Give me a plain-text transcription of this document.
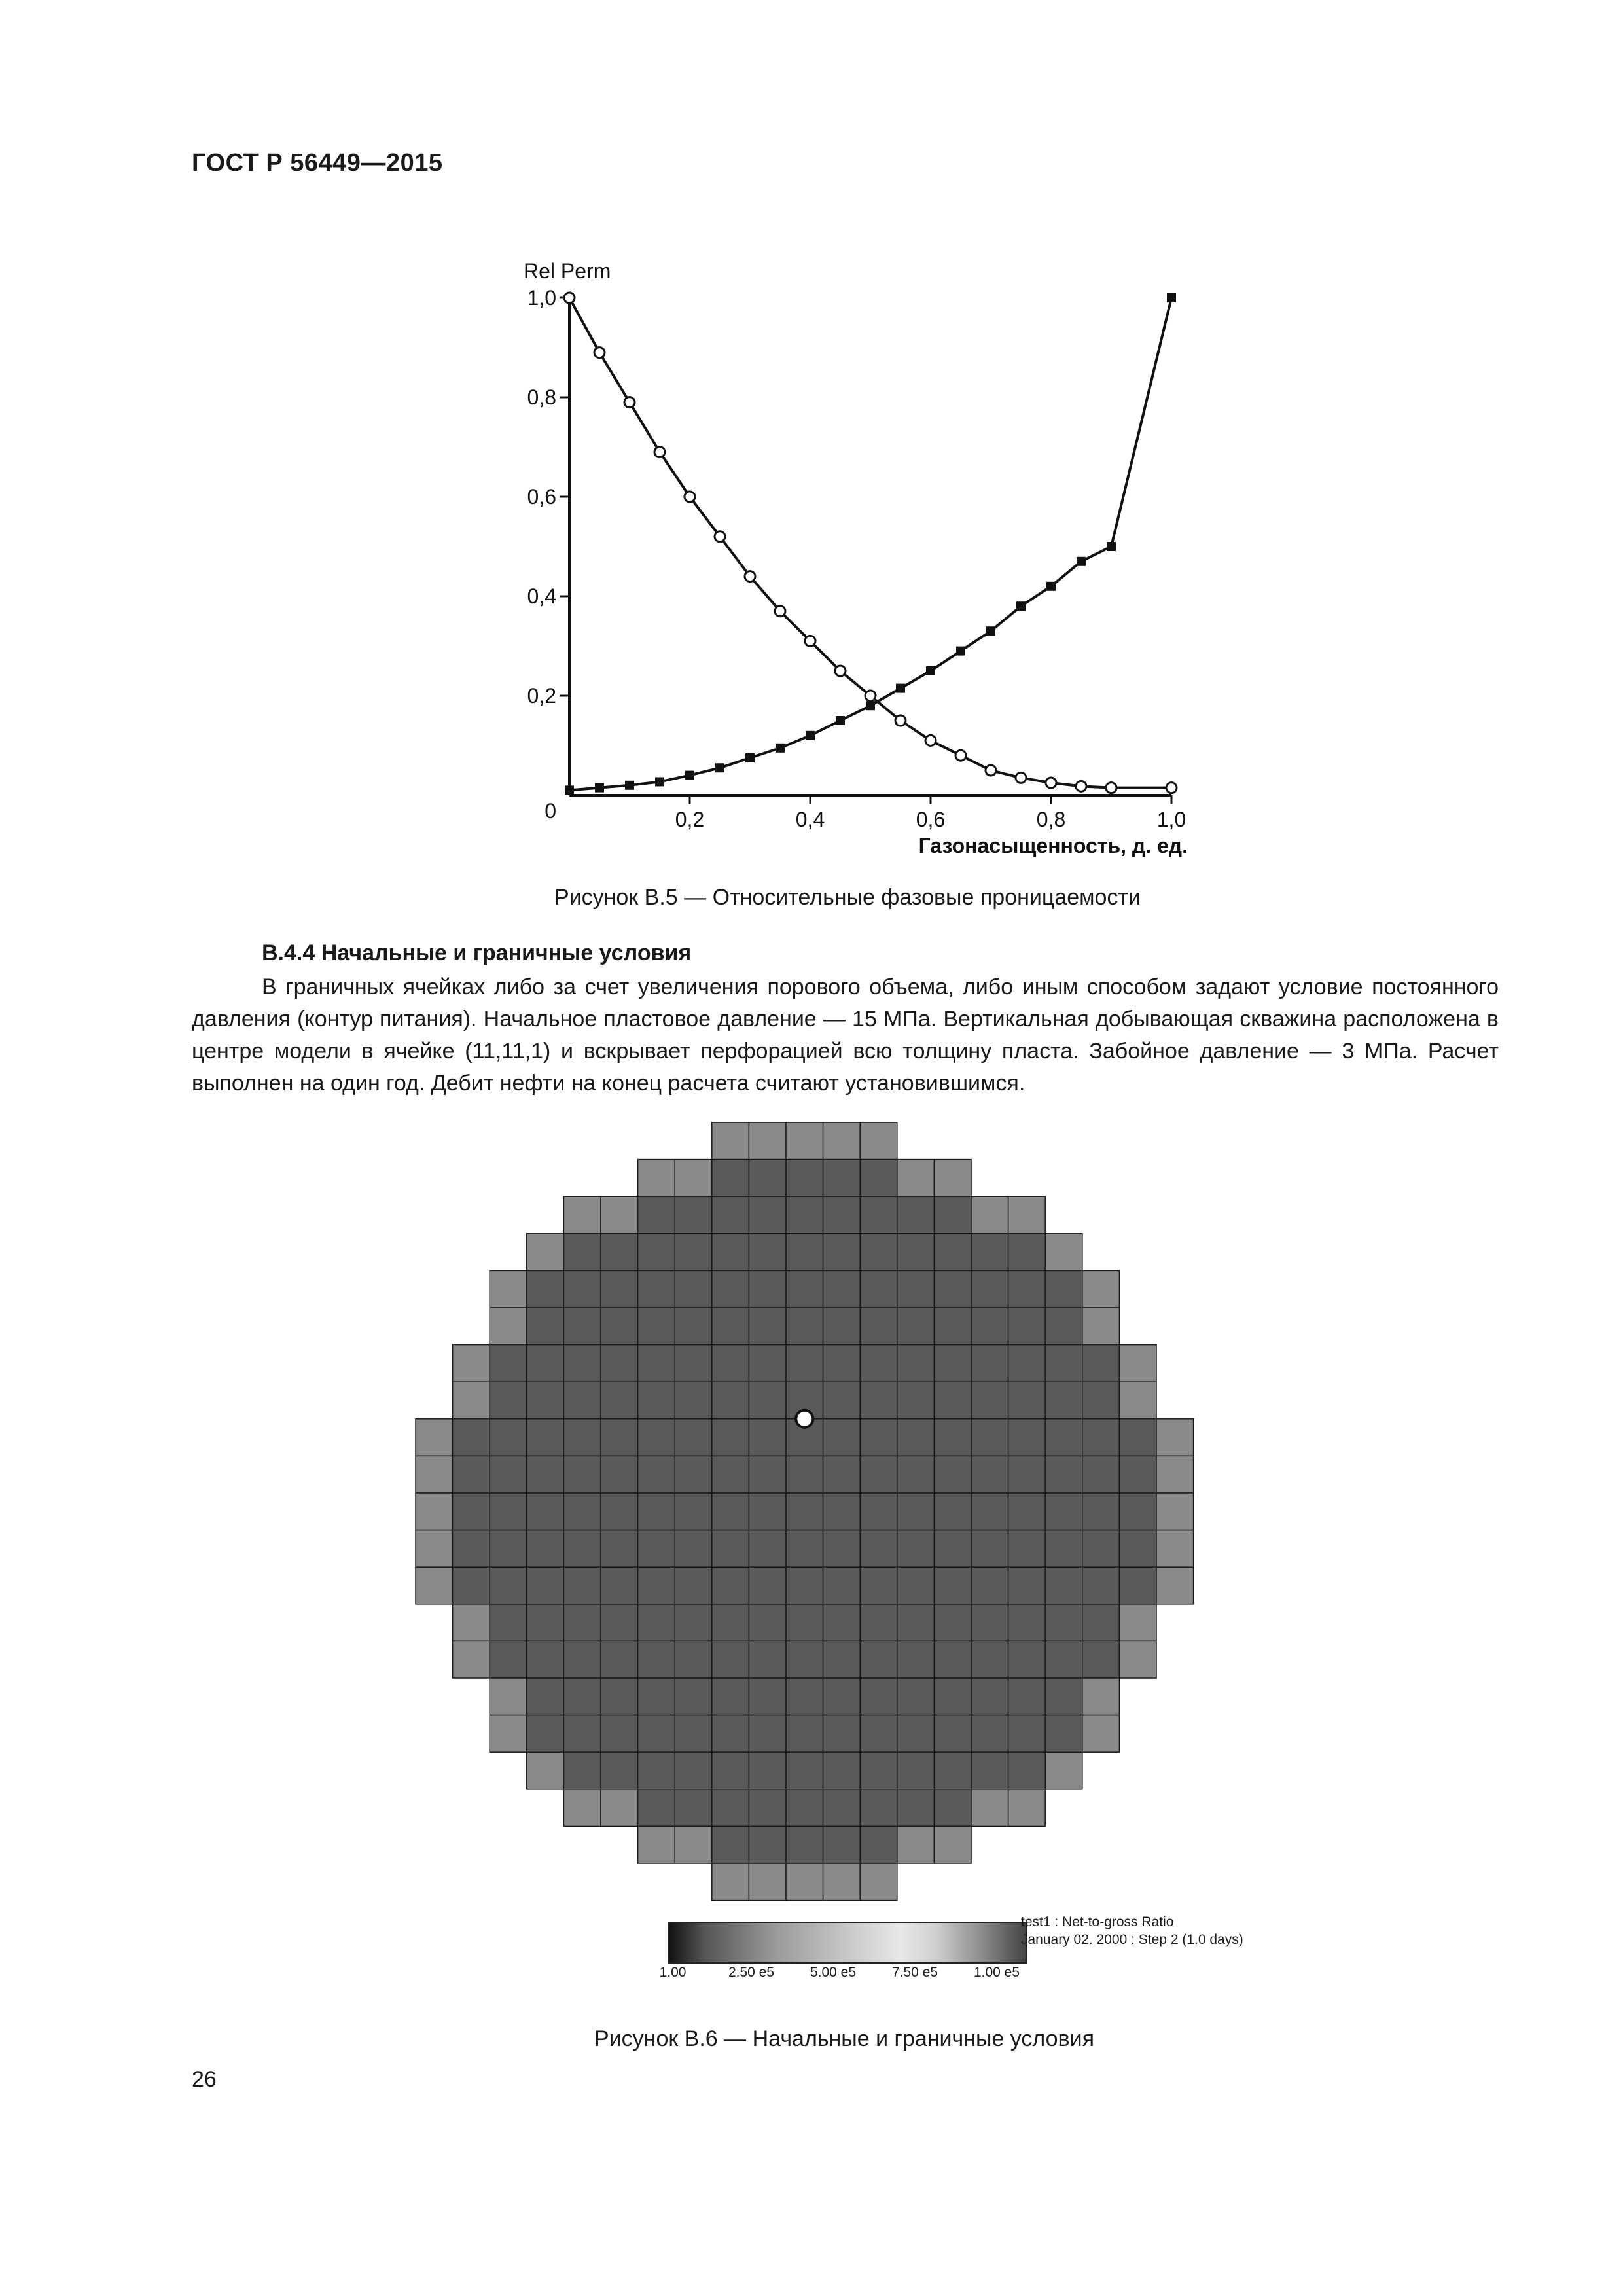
ГОСТ Р 56449—2015
Rel Perm
0
0,2
0,4
0,6
0,8
1,0
0,2	0,4	0,6	0,8	1,0
Газонасыщенность, д. ед.
Рисунок В.5 — Относительные фазовые проницаемости
В.4.4 Начальные и граничные условия

В граничных ячейках либо за счет увеличения порового объема, либо иным способом задают условие постоянного давления (контур питания). Начальное пластовое давление — 15 МПа. Вертикальная добывающая скважина расположена в центре модели в ячейке (11,11,1) и вскрывает перфорацией всю толщину пласта. Забойное давление — 3 МПа. Расчет выполнен на один год. Дебит нефти на конец расчета считают установившимся.

1.00	2.50 e5	5.00 e5	7.50 e5	1.00 e5
test1 : Net-to-gross Ratio
January 02. 2000 : Step 2 (1.0 days)
Рисунок В.6 — Начальные и граничные условия
26
